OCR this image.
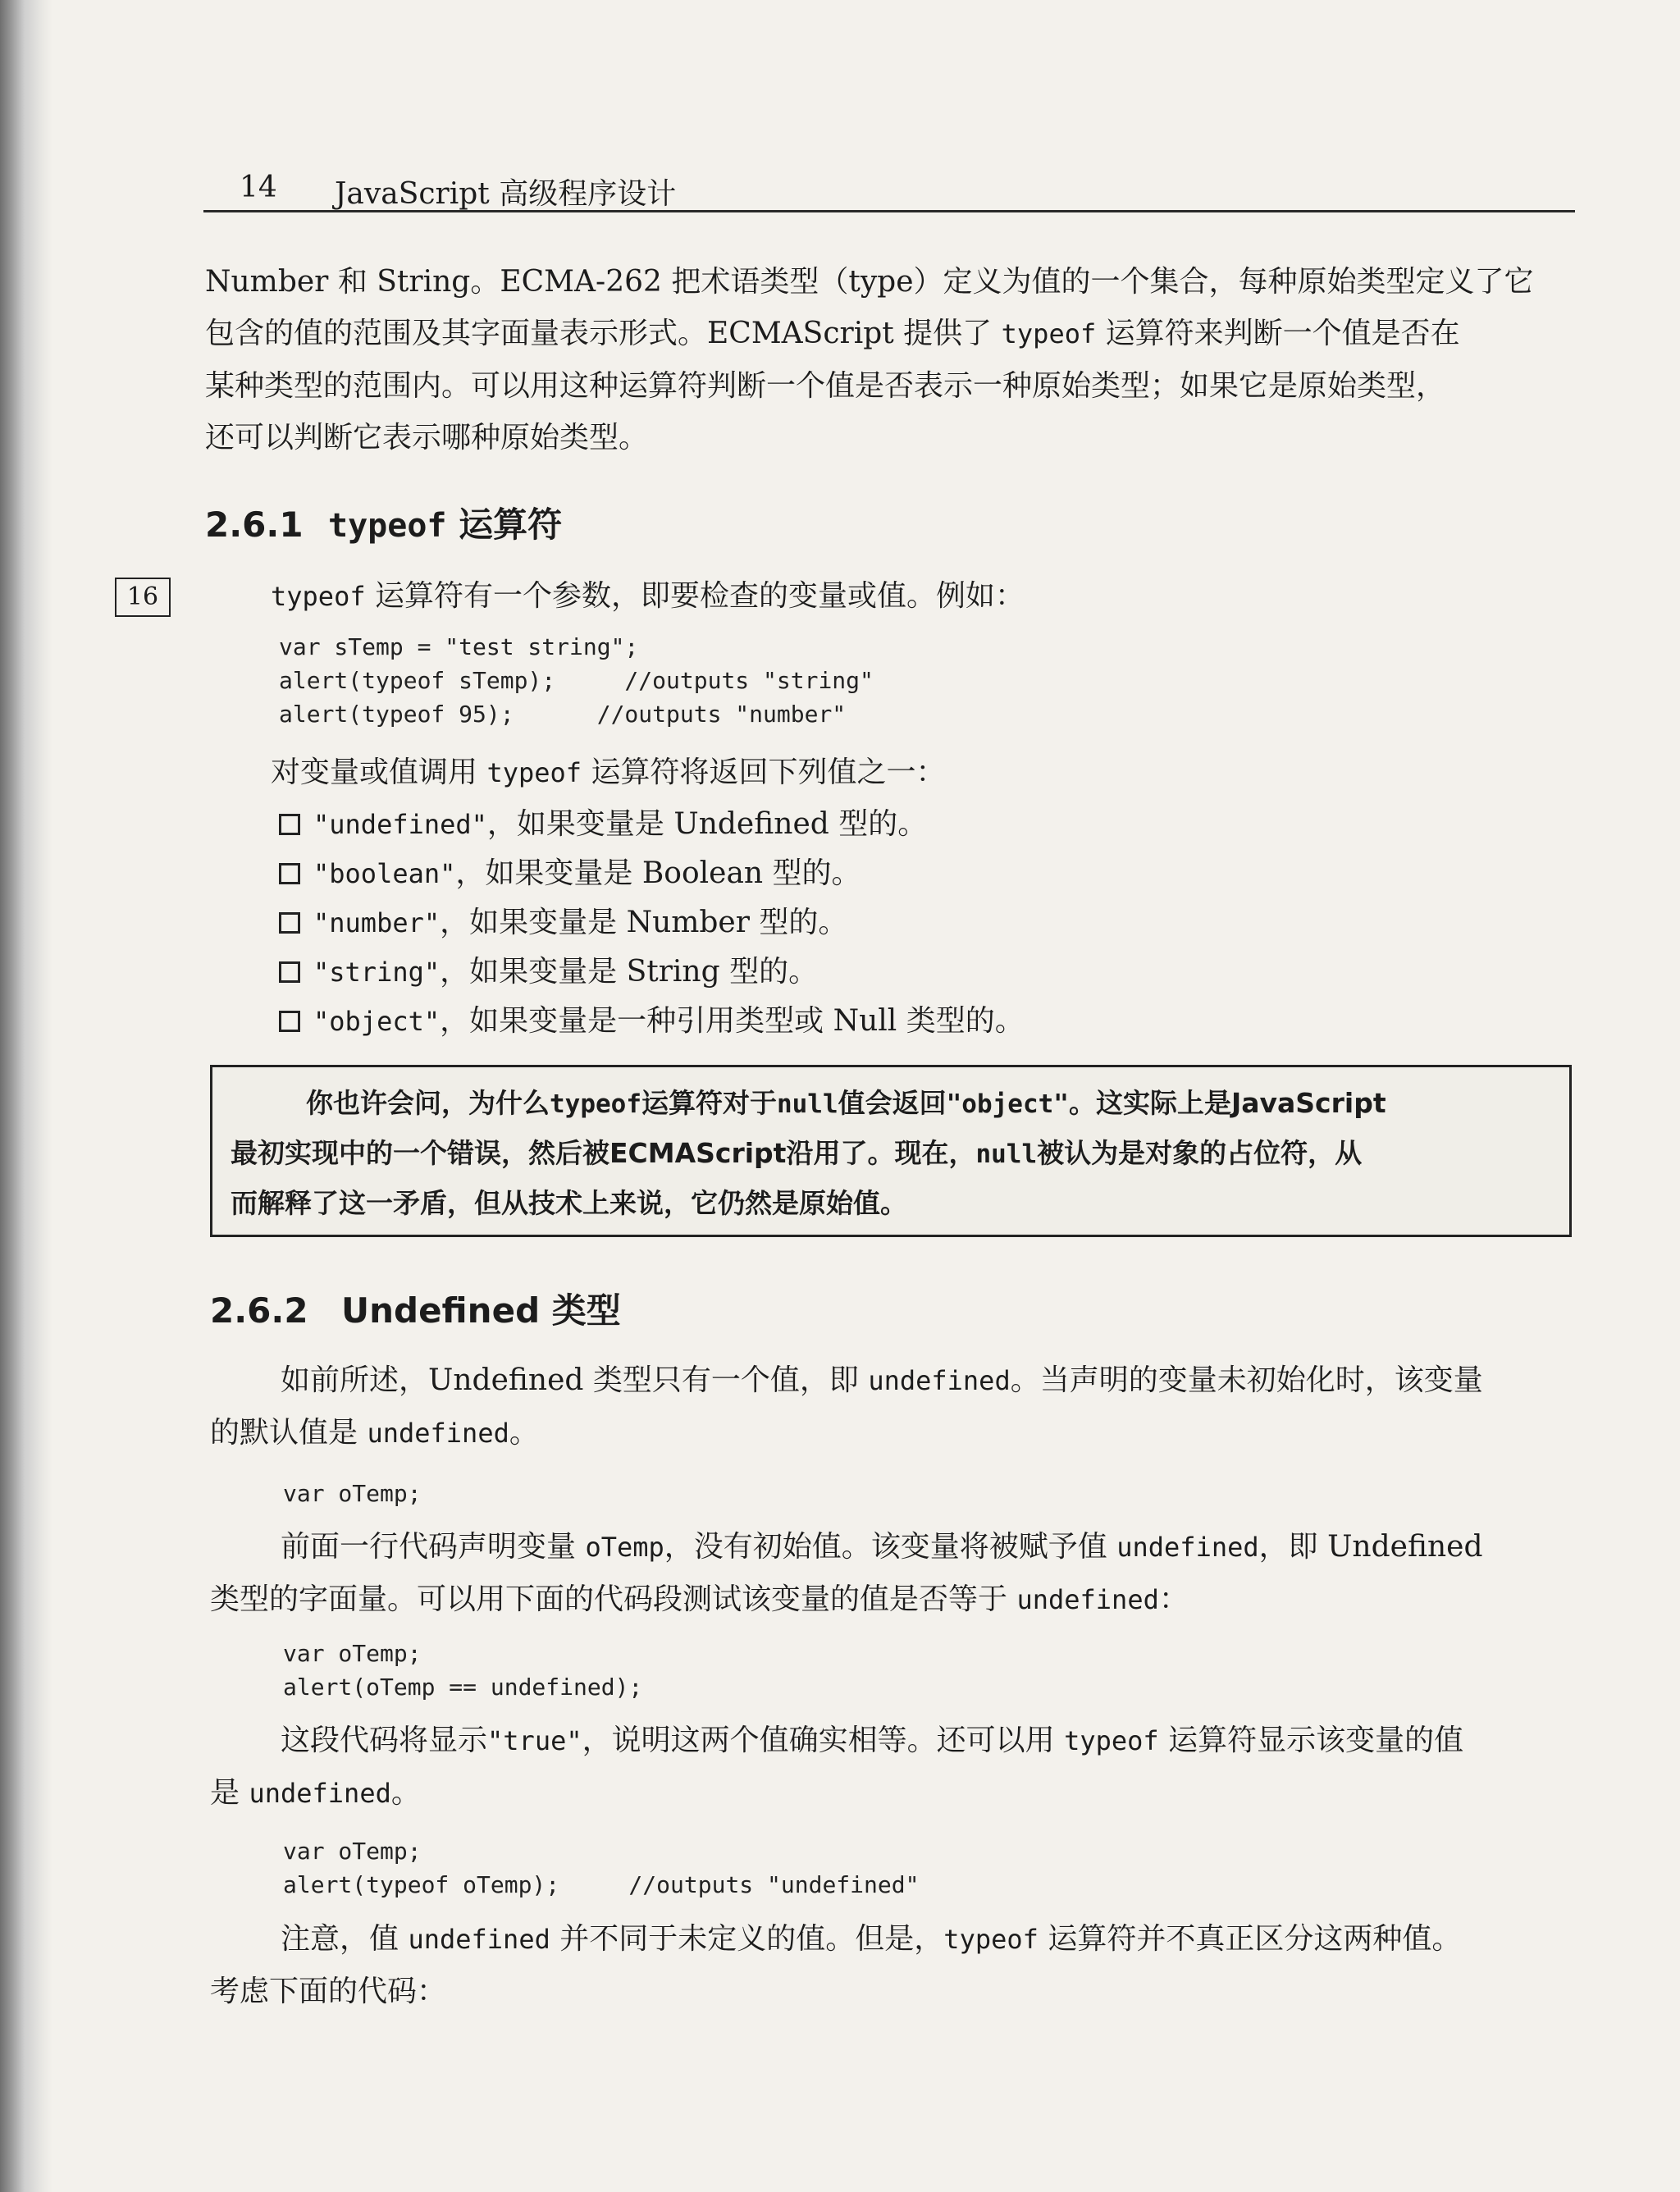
14 JavaScript 高级程序设计

Number 和 String。ECMA-262 把术语类型（type）定义为值的一个集合，每种原始类型定义了它
包含的值的范围及其字面量表示形式。ECMAScript 提供了 typeof 运算符来判断一个值是否在
某种类型的范围内。可以用这种运算符判断一个值是否表示一种原始类型；如果它是原始类型，
还可以判断它表示哪种原始类型。

2.6.1 typeof 运算符
16	typeof 运算符有一个参数，即要检查的变量或值。例如：

var sTemp = "test string";
alert(typeof sTemp);     //outputs "string"
alert(typeof 95);      //outputs "number"

对变量或值调用 typeof 运算符将返回下列值之一：

"undefined"，如果变量是 Undefined 型的。
"boolean"，如果变量是 Boolean 型的。
"number"，如果变量是 Number 型的。
"string"，如果变量是 String 型的。
"object"，如果变量是一种引用类型或 Null 类型的。

你也许会问，为什么typeof运算符对于null值会返回"object"。这实际上是JavaScript
最初实现中的一个错误，然后被ECMAScript沿用了。现在，null被认为是对象的占位符，从
而解释了这一矛盾，但从技术上来说，它仍然是原始值。

2.6.2 Undefined 类型

如前所述，Undefined 类型只有一个值，即 undefined。当声明的变量未初始化时，该变量
的默认值是 undefined。

var oTemp;

前面一行代码声明变量 oTemp，没有初始值。该变量将被赋予值 undefined，即 Undefined
类型的字面量。可以用下面的代码段测试该变量的值是否等于 undefined：

var oTemp;
alert(oTemp == undefined);

这段代码将显示"true"，说明这两个值确实相等。还可以用 typeof 运算符显示该变量的值
是 undefined。

var oTemp;
alert(typeof oTemp);     //outputs "undefined"

注意，值 undefined 并不同于未定义的值。但是，typeof 运算符并不真正区分这两种值。
考虑下面的代码：
